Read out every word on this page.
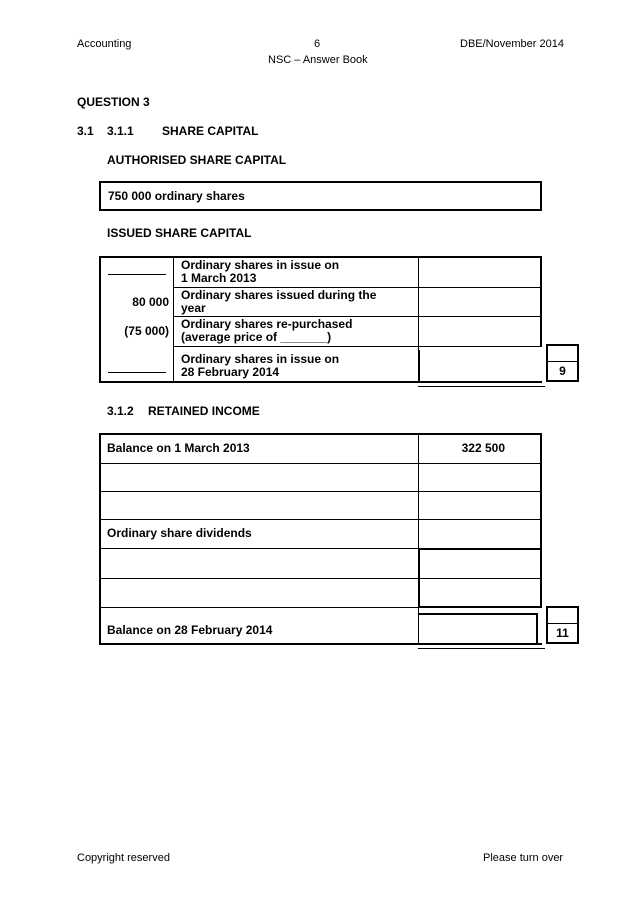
Accounting	6	DBE/November 2014
NSC – Answer Book
QUESTION 3
3.1 3.1.1 SHARE CAPITAL
AUTHORISED SHARE CAPITAL
750 000 ordinary shares
ISSUED SHARE CAPITAL
Ordinary shares in issue on
1 March 2013
80 000 Ordinary shares issued during the
year
(75 000) Ordinary shares re-purchased
(average price of _______)
Ordinary shares in issue on
28 February 2014	9
3.1.2 RETAINED INCOME
Balance on 1 March 2013	322 500
Ordinary share dividends
Balance on 28 February 2014	11
Copyright reserved	Please turn over
